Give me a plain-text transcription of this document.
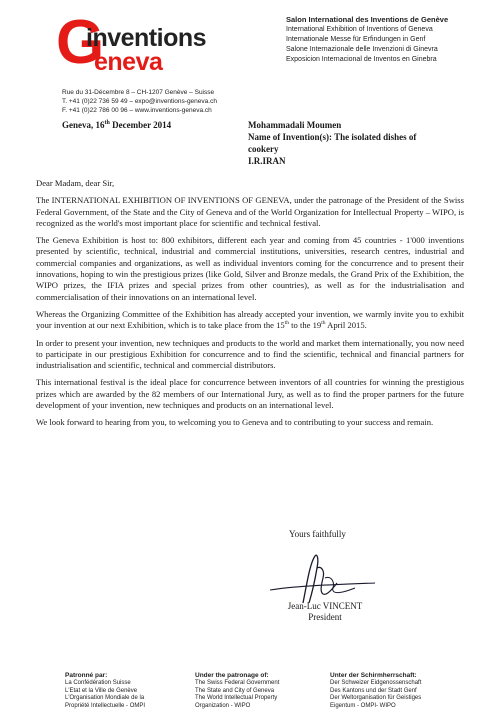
G
inventions
eneva
Salon International des Inventions de Genève
International Exhibition of Inventions of Geneva
Internationale Messe für Erfindungen in Genf
Salone Internazionale delle Invenzioni di Ginevra
Exposicion Internacional de Inventos en Ginebra
Rue du 31-Décembre 8 – CH-1207 Genève – Suisse
T. +41 (0)22 736 59 49 – expo@inventions-geneva.ch
F. +41 (0)22 786 00 96 – www.inventions-geneva.ch
Geneva, 16th December 2014	Mohammadali Moumen
Name of Invention(s): The isolated dishes of
cookery
I.R.IRAN

Dear Madam, dear Sir,

The INTERNATIONAL EXHIBITION OF INVENTIONS OF GENEVA, under the patronage of the President of the Swiss Federal Government, of the State and the City of Geneva and of the World Organization for Intellectual Property – WIPO, is recognized as the world's most important place for scientific and technical festival.

The Geneva Exhibition is host to: 800 exhibitors, different each year and coming from 45 countries - 1'000 inventions presented by scientific, technical, industrial and commercial institutions, universities, research centres, industrial and commercial companies and organizations, as well as individual inventors coming for the concurrence and to present their innovations, hoping to win the prestigious prizes (like Gold, Silver and Bronze medals, the Grand Prix of the Exhibition, the WIPO prizes, the IFIA prizes and special prizes from other countries), as well as for the industrialisation and commercialisation of their innovations on an international level.

Whereas the Organizing Committee of the Exhibition has already accepted your invention, we warmly invite you to exhibit your invention at our next Exhibition, which is to take place from the 15th to the 19th April 2015.

In order to present your invention, new techniques and products to the world and market them internationally, you now need to participate in our prestigious Exhibition for concurrence and to find the scientific, technical and financial partners for industrialisation and scientific, technical and commercial distributors.

This international festival is the ideal place for concurrence between inventors of all countries for winning the prestigious prizes which are awarded by the 82 members of our International Jury, as well as to find the proper partners for the future development of your invention, new techniques and products on an international level.

We look forward to hearing from you, to welcoming you to Geneva and to contributing to your success and remain.

Yours faithfully
Jean-Luc VINCENT
President
Patronné par:
La Confédération Suisse
L'Etat et la Ville de Genève
L'Organisation Mondiale de la
Propriété Intellectuelle - OMPI
Under the patronage of:
The Swiss Federal Government
The State and City of Geneva
The World Intellectual Property
Organization - WIPO
Unter der Schirmherrschaft:
Der Schweizer Eidgenossenschaft
Des Kantons und der Stadt Genf
Der Weltorganisation für Geistiges
Eigentum - OMPI- WIPO
